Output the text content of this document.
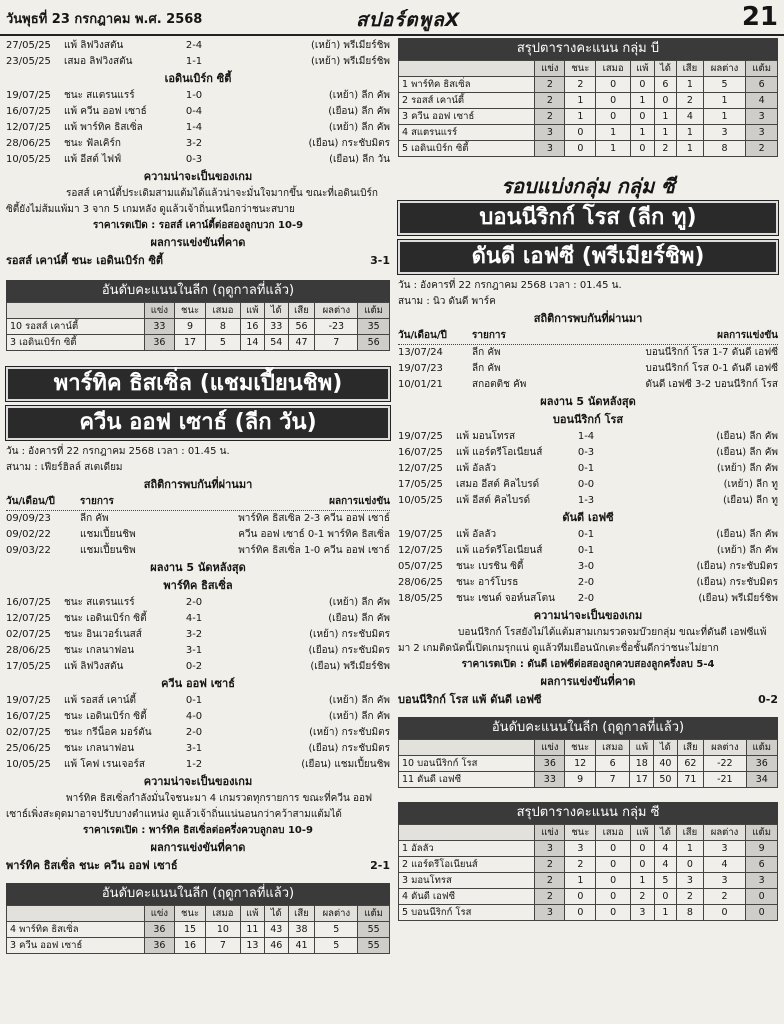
วันพุธที่ 23 กรกฎาคม พ.ศ. 2568	สปอร์ตพูลX	21
27/05/25	แพ้ ลิฟวิงสตัน	2-4	(เหย้า) พรีเมียร์ชิพ
23/05/25	เสมอ ลิฟวิงสตัน	1-1	(เหย้า) พรีเมียร์ชิพ
เอดินเบิร์ก ซิตี้
19/07/25	ชนะ สแตรนแรร์	1-0	(เหย้า) ลีก คัพ
16/07/25	แพ้ ควีน ออฟ เซาธ์	0-4	(เยือน) ลีก คัพ
12/07/25	แพ้ พาร์ทิค ธิสเซิ่ล	1-4	(เหย้า) ลีก คัพ
28/06/25	ชนะ ฟัลเคิร์ก	3-2	(เยือน) กระชับมิตร
10/05/25	แพ้ อีสต์ ไฟฟ์	0-3	(เยือน) ลีก วัน
ความน่าจะเป็นของเกม
รอสส์ เคาน์ตี้ประเดิมสามแต้มได้แล้วน่าจะมั่นใจมากขึ้น ขณะที่เอดินเบิร์ก ซิตี้ยังไม่ส้มแพ้มา 3 จาก 5 เกมหลัง ดูแล้วเจ้าถิ่นเหนือกว่าชนะสบาย
ราคาเรตเปิด : รอสส์ เคาน์ตี้ต่อสองลูกบวก 10-9
ผลการแข่งขันที่คาด
รอสส์ เคาน์ตี้ ชนะ เอดินเบิร์ก ซิตี้	3-1
อันดับคะแนนในลีก (ฤดูกาลที่แล้ว)
	แข่ง	ชนะ	เสมอ	แพ้	ได้	เสีย	ผลต่าง	แต้ม
10 รอสส์ เคาน์ตี้	33	9	8	16	33	56	-23	35
3 เอดินเบิร์ก ซิตี้	36	17	5	14	54	47	7	56
พาร์ทิค ธิสเซิ่ล (แชมเปี้ยนชิพ)
ควีน ออฟ เซาธ์ (ลีก วัน)
วัน : อังคารที่ 22 กรกฎาคม 2568 เวลา : 01.45 น.
สนาม : เฟียร์ฮิลล์ สเตเดียม
สถิติการพบกันที่ผ่านมา
วัน/เดือน/ปี	รายการ	ผลการแข่งขัน
09/09/23	ลีก คัพ	พาร์ทิค ธิสเซิ่ล 2-3 ควีน ออฟ เซาธ์
09/02/22	แชมเปี้ยนชิพ	ควีน ออฟ เซาธ์ 0-1 พาร์ทิค ธิสเซิ่ล
09/03/22	แชมเปี้ยนชิพ	พาร์ทิค ธิสเซิ่ล 1-0 ควีน ออฟ เซาธ์
ผลงาน 5 นัดหลังสุด
พาร์ทิค ธิสเซิ่ล
16/07/25	ชนะ สแตรนแรร์	2-0	(เหย้า) ลีก คัพ
12/07/25	ชนะ เอดินเบิร์ก ซิตี้	4-1	(เยือน) ลีก คัพ
02/07/25	ชนะ อินเวอร์เนสส์	3-2	(เหย้า) กระชับมิตร
28/06/25	ชนะ เกลนาฟอน	3-1	(เยือน) กระชับมิตร
17/05/25	แพ้ ลิฟวิงสตัน	0-2	(เยือน) พรีเมียร์ชิพ
ควีน ออฟ เซาธ์
19/07/25	แพ้ รอสส์ เคาน์ตี้	0-1	(เหย้า) ลีก คัพ
16/07/25	ชนะ เอดินเบิร์ก ซิตี้	4-0	(เหย้า) ลีก คัพ
02/07/25	ชนะ กรีน็อค มอร์ตัน	2-0	(เหย้า) กระชับมิตร
25/06/25	ชนะ เกลนาฟอน	3-1	(เยือน) กระชับมิตร
10/05/25	แพ้ โคฟ เรนเจอร์ส	1-2	(เยือน) แชมเปี้ยนชิพ
ความน่าจะเป็นของเกม
พาร์ทิค ธิสเซิ่ลกำลังมั่นใจชนะมา 4 เกมรวดทุกรายการ ขณะที่ควีน ออฟ เซาธ์เพิ่งสะดุดมาอาจปรับบางตำแหน่ง ดูแล้วเจ้าถิ่นแน่นอนกว่าคว้าสามแต้มได้
ราคาเรตเปิด : พาร์ทิค ธิสเซิ่ลต่อครึ่งควบลูกลบ 10-9
ผลการแข่งขันที่คาด
พาร์ทิค ธิสเซิ่ล ชนะ ควีน ออฟ เซาธ์	2-1
อันดับคะแนนในลีก (ฤดูกาลที่แล้ว)
	แข่ง	ชนะ	เสมอ	แพ้	ได้	เสีย	ผลต่าง	แต้ม
4 พาร์ทิค ธิสเซิ่ล	36	15	10	11	43	38	5	55
3 ควีน ออฟ เซาธ์	36	16	7	13	46	41	5	55
สรุปตารางคะแนน กลุ่ม บี
	แข่ง	ชนะ	เสมอ	แพ้	ได้	เสีย	ผลต่าง	แต้ม
1 พาร์ทิค ธิสเซิ่ล	2	2	0	0	6	1	5	6
2 รอสส์ เคาน์ตี้	2	1	0	1	0	2	1	4
3 ควีน ออฟ เซาธ์	2	1	0	0	1	4	1	3
4 สแตรนแรร์	3	0	1	1	1	1	3	3
5 เอดินเบิร์ก ซิตี้	3	0	1	0	2	1	8	2
รอบแบ่งกลุ่ม กลุ่ม ซี
บอนนีริกก์ โรส (ลีก ทู)
ดันดี เอฟซี (พรีเมียร์ชิพ)
วัน : อังคารที่ 22 กรกฎาคม 2568 เวลา : 01.45 น.
สนาม : นิว ดันดี พาร์ค
สถิติการพบกันที่ผ่านมา
วัน/เดือน/ปี	รายการ	ผลการแข่งขัน
13/07/24	ลีก คัพ	บอนนีริกก์ โรส 1-7 ดันดี เอฟซี
19/07/23	ลีก คัพ	บอนนีริกก์ โรส 0-1 ดันดี เอฟซี
10/01/21	สกอตติช คัพ	ดันดี เอฟซี 3-2 บอนนีริกก์ โรส
ผลงาน 5 นัดหลังสุด
บอนนีริกก์ โรส
19/07/25	แพ้ มอนโทรส	1-4	(เยือน) ลีก คัพ
16/07/25	แพ้ แอร์ดรีโอเนียนส์	0-3	(เยือน) ลีก คัพ
12/07/25	แพ้ อัลลัว	0-1	(เหย้า) ลีก คัพ
17/05/25	เสมอ อีสต์ คิลไบรด์	0-0	(เหย้า) ลีก ทู
10/05/25	แพ้ อีสต์ คิลไบรด์	1-3	(เยือน) ลีก ทู
ดันดี เอฟซี
19/07/25	แพ้ อัลลัว	0-1	(เยือน) ลีก คัพ
12/07/25	แพ้ แอร์ดรีโอเนียนส์	0-1	(เหย้า) ลีก คัพ
05/07/25	ชนะ เบรชิน ซิตี้	3-0	(เยือน) กระชับมิตร
28/06/25	ชนะ อาร์โบรธ	2-0	(เยือน) กระชับมิตร
18/05/25	ชนะ เซนต์ จอห์นสโตน	2-0	(เยือน) พรีเมียร์ชิพ
ความน่าจะเป็นของเกม
บอนนีริกก์ โรสยังไม่ได้แต้มสามเกมรวดจมบ๊วยกลุ่ม ขณะที่ดันดี เอฟซีแพ้มา 2 เกมติดนัดนี้เปิดเกมรุกแน่ ดูแล้วทีมเยือนนักเตะชื่อชั้นดีกว่าชนะไม่ยาก
ราคาเรตเปิด : ดันดี เอฟซีต่อสองลูกควบสองลูกครึ่งลบ 5-4
ผลการแข่งขันที่คาด
บอนนีริกก์ โรส แพ้ ดันดี เอฟซี	0-2
อันดับคะแนนในลีก (ฤดูกาลที่แล้ว)
	แข่ง	ชนะ	เสมอ	แพ้	ได้	เสีย	ผลต่าง	แต้ม
10 บอนนีริกก์ โรส	36	12	6	18	40	62	-22	36
11 ดันดี เอฟซี	33	9	7	17	50	71	-21	34
สรุปตารางคะแนน กลุ่ม ซี
	แข่ง	ชนะ	เสมอ	แพ้	ได้	เสีย	ผลต่าง	แต้ม
1 อัลลัว	3	3	0	0	4	1	3	9
2 แอร์ดรีโอเนียนส์	2	2	0	0	4	0	4	6
3 มอนโทรส	2	1	0	1	5	3	3	3
4 ดันดี เอฟซี	2	0	0	2	0	2	2	0
5 บอนนีริกก์ โรส	3	0	0	3	1	8	0	0
